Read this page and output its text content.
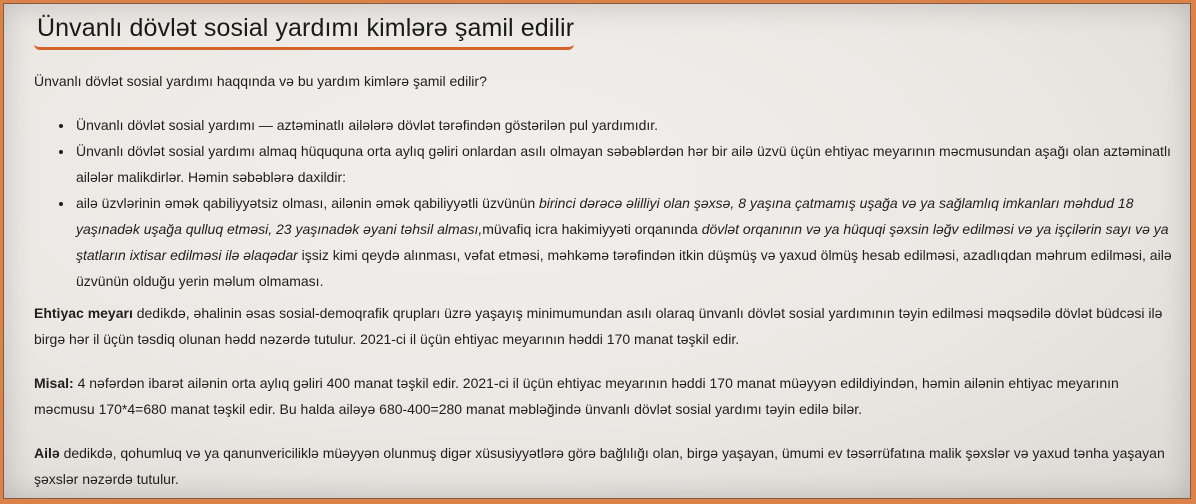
Ünvanlı dövlət sosial yardımı kimlərə şamil edilir

Ünvanlı dövlət sosial yardımı haqqında və bu yardım kimlərə şamil edilir?

• Ünvanlı dövlət sosial yardımı — aztəminatlı ailələrə dövlət tərəfindən göstərilən pul yardımıdır.
• Ünvanlı dövlət sosial yardımı almaq hüququna orta aylıq gəliri onlardan asılı olmayan səbəblərdən hər bir ailə üzvü üçün ehtiyac meyarının məcmusundan aşağı olan aztəminatlı ailələr malikdirlər. Həmin səbəblərə daxildir:
• ailə üzvlərinin əmək qabiliyyətsiz olması, ailənin əmək qabiliyyətli üzvünün birinci dərəcə əlilliyi olan şəxsə, 8 yaşına çatmamış uşağa və ya sağlamlıq imkanları məhdud 18 yaşınadək uşağa qulluq etməsi, 23 yaşınadək əyani təhsil alması,müvafiq icra hakimiyyəti orqanında dövlət orqanının və ya hüquqi şəxsin ləğv edilməsi və ya işçilərin sayı və ya ştatların ixtisar edilməsi ilə əlaqədar işsiz kimi qeydə alınması, vəfat etməsi, məhkəmə tərəfindən itkin düşmüş və yaxud ölmüş hesab edilməsi, azadlıqdan məhrum edilməsi, ailə üzvünün olduğu yerin məlum olmaması.

Ehtiyac meyarı dedikdə, əhalinin əsas sosial-demoqrafik qrupları üzrə yaşayış minimumundan asılı olaraq ünvanlı dövlət sosial yardımının təyin edilməsi məqsədilə dövlət büdcəsi ilə birgə hər il üçün təsdiq olunan hədd nəzərdə tutulur. 2021-ci il üçün ehtiyac meyarının həddi 170 manat təşkil edir.

Misal: 4 nəfərdən ibarət ailənin orta aylıq gəliri 400 manat təşkil edir. 2021-ci il üçün ehtiyac meyarının həddi 170 manat müəyyən edildiyindən, həmin ailənin ehtiyac meyarının məcmusu 170*4=680 manat təşkil edir. Bu halda ailəyə 680-400=280 manat məbləğində ünvanlı dövlət sosial yardımı təyin edilə bilər.

Ailə dedikdə, qohumluq və ya qanunvericiliklə müəyyən olunmuş digər xüsusiyyətlərə görə bağlılığı olan, birgə yaşayan, ümumi ev təsərrüfatına malik şəxslər və yaxud tənha yaşayan şəxslər nəzərdə tutulur.
